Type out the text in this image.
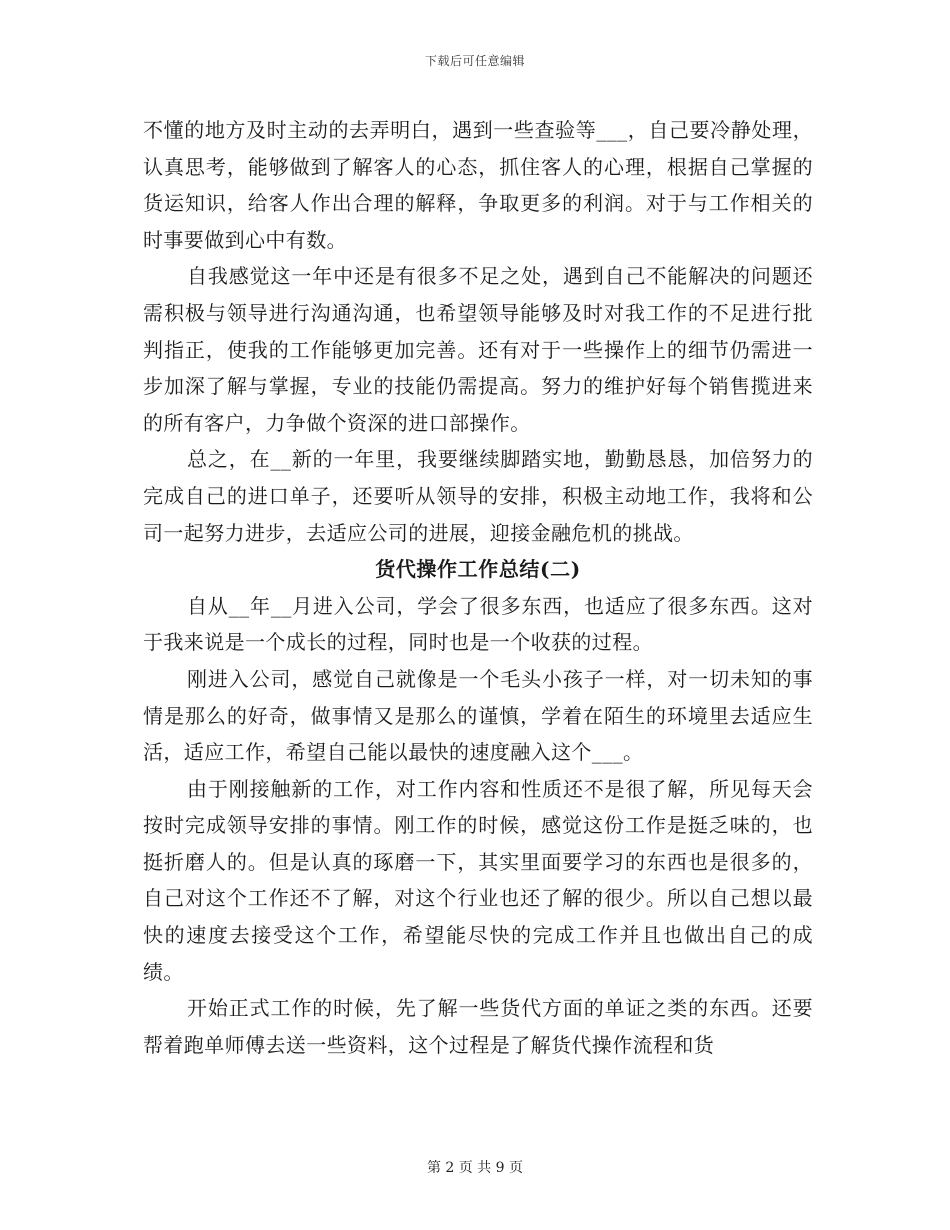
下载后可任意编辑

不懂的地方及时主动的去弄明白，遇到一些查验等___，自己要冷静处理，认真思考，能够做到了解客人的心态，抓住客人的心理，根据自己掌握的货运知识，给客人作出合理的解释，争取更多的利润。对于与工作相关的时事要做到心中有数。

自我感觉这一年中还是有很多不足之处，遇到自己不能解决的问题还需积极与领导进行沟通沟通，也希望领导能够及时对我工作的不足进行批判指正，使我的工作能够更加完善。还有对于一些操作上的细节仍需进一步加深了解与掌握，专业的技能仍需提高。努力的维护好每个销售揽进来的所有客户，力争做个资深的进口部操作。

总之，在__新的一年里，我要继续脚踏实地，勤勤恳恳，加倍努力的完成自己的进口单子，还要听从领导的安排，积极主动地工作，我将和公司一起努力进步，去适应公司的进展，迎接金融危机的挑战。

货代操作工作总结(二)

自从__年__月进入公司，学会了很多东西，也适应了很多东西。这对于我来说是一个成长的过程，同时也是一个收获的过程。

刚进入公司，感觉自己就像是一个毛头小孩子一样，对一切未知的事情是那么的好奇，做事情又是那么的谨慎，学着在陌生的环境里去适应生活，适应工作，希望自己能以最快的速度融入这个___。

由于刚接触新的工作，对工作内容和性质还不是很了解，所见每天会按时完成领导安排的事情。刚工作的时候，感觉这份工作是挺乏味的，也挺折磨人的。但是认真的琢磨一下，其实里面要学习的东西也是很多的，自己对这个工作还不了解，对这个行业也还了解的很少。所以自己想以最快的速度去接受这个工作，希望能尽快的完成工作并且也做出自己的成绩。

开始正式工作的时候，先了解一些货代方面的单证之类的东西。还要帮着跑单师傅去送一些资料，这个过程是了解货代操作流程和货

第 2 页 共 9 页
